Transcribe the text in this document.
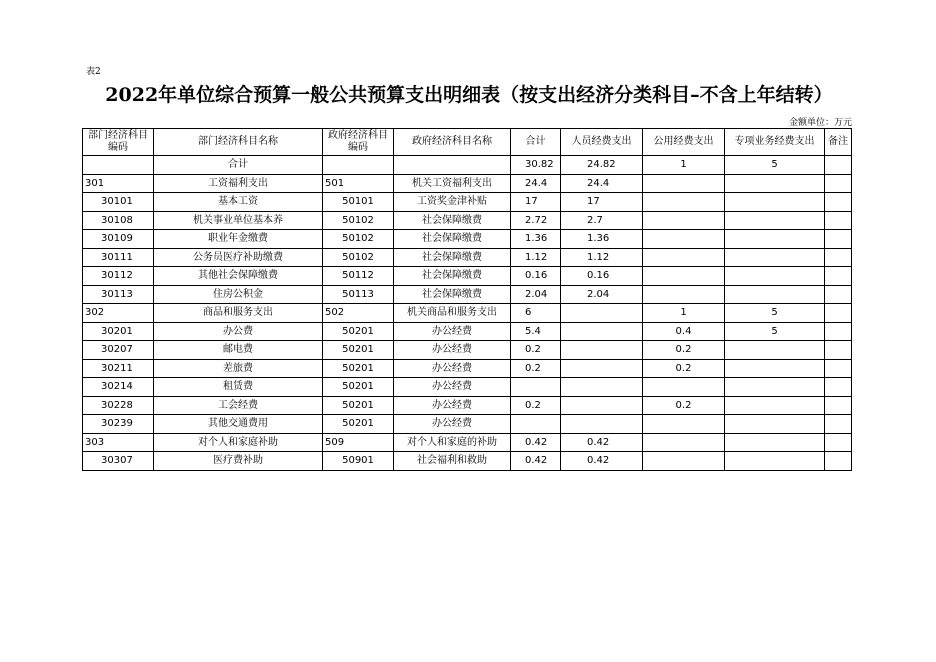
表2
2022年单位综合预算一般公共预算支出明细表（按支出经济分类科目–不含上年结转）
金额单位：万元
部门经济科目编码	部门经济科目名称	政府经济科目编码	政府经济科目名称	合计	人员经费支出	公用经费支出	专项业务经费支出	备注
	合计			30.82	24.82	1	5	
301	工资福利支出	501	机关工资福利支出	24.4	24.4			
30101	基本工资	50101	工资奖金津补贴	17	17			
30108	机关事业单位基本养	50102	社会保障缴费	2.72	2.7			
30109	职业年金缴费	50102	社会保障缴费	1.36	1.36			
30111	公务员医疗补助缴费	50102	社会保障缴费	1.12	1.12			
30112	其他社会保障缴费	50112	社会保障缴费	0.16	0.16			
30113	住房公积金	50113	社会保障缴费	2.04	2.04			
302	商品和服务支出	502	机关商品和服务支出	6		1	5	
30201	办公费	50201	办公经费	5.4		0.4	5	
30207	邮电费	50201	办公经费	0.2		0.2		
30211	差旅费	50201	办公经费	0.2		0.2		
30214	租赁费	50201	办公经费					
30228	工会经费	50201	办公经费	0.2		0.2		
30239	其他交通费用	50201	办公经费					
303	对个人和家庭补助	509	对个人和家庭的补助	0.42	0.42			
30307	医疗费补助	50901	社会福利和救助	0.42	0.42			
